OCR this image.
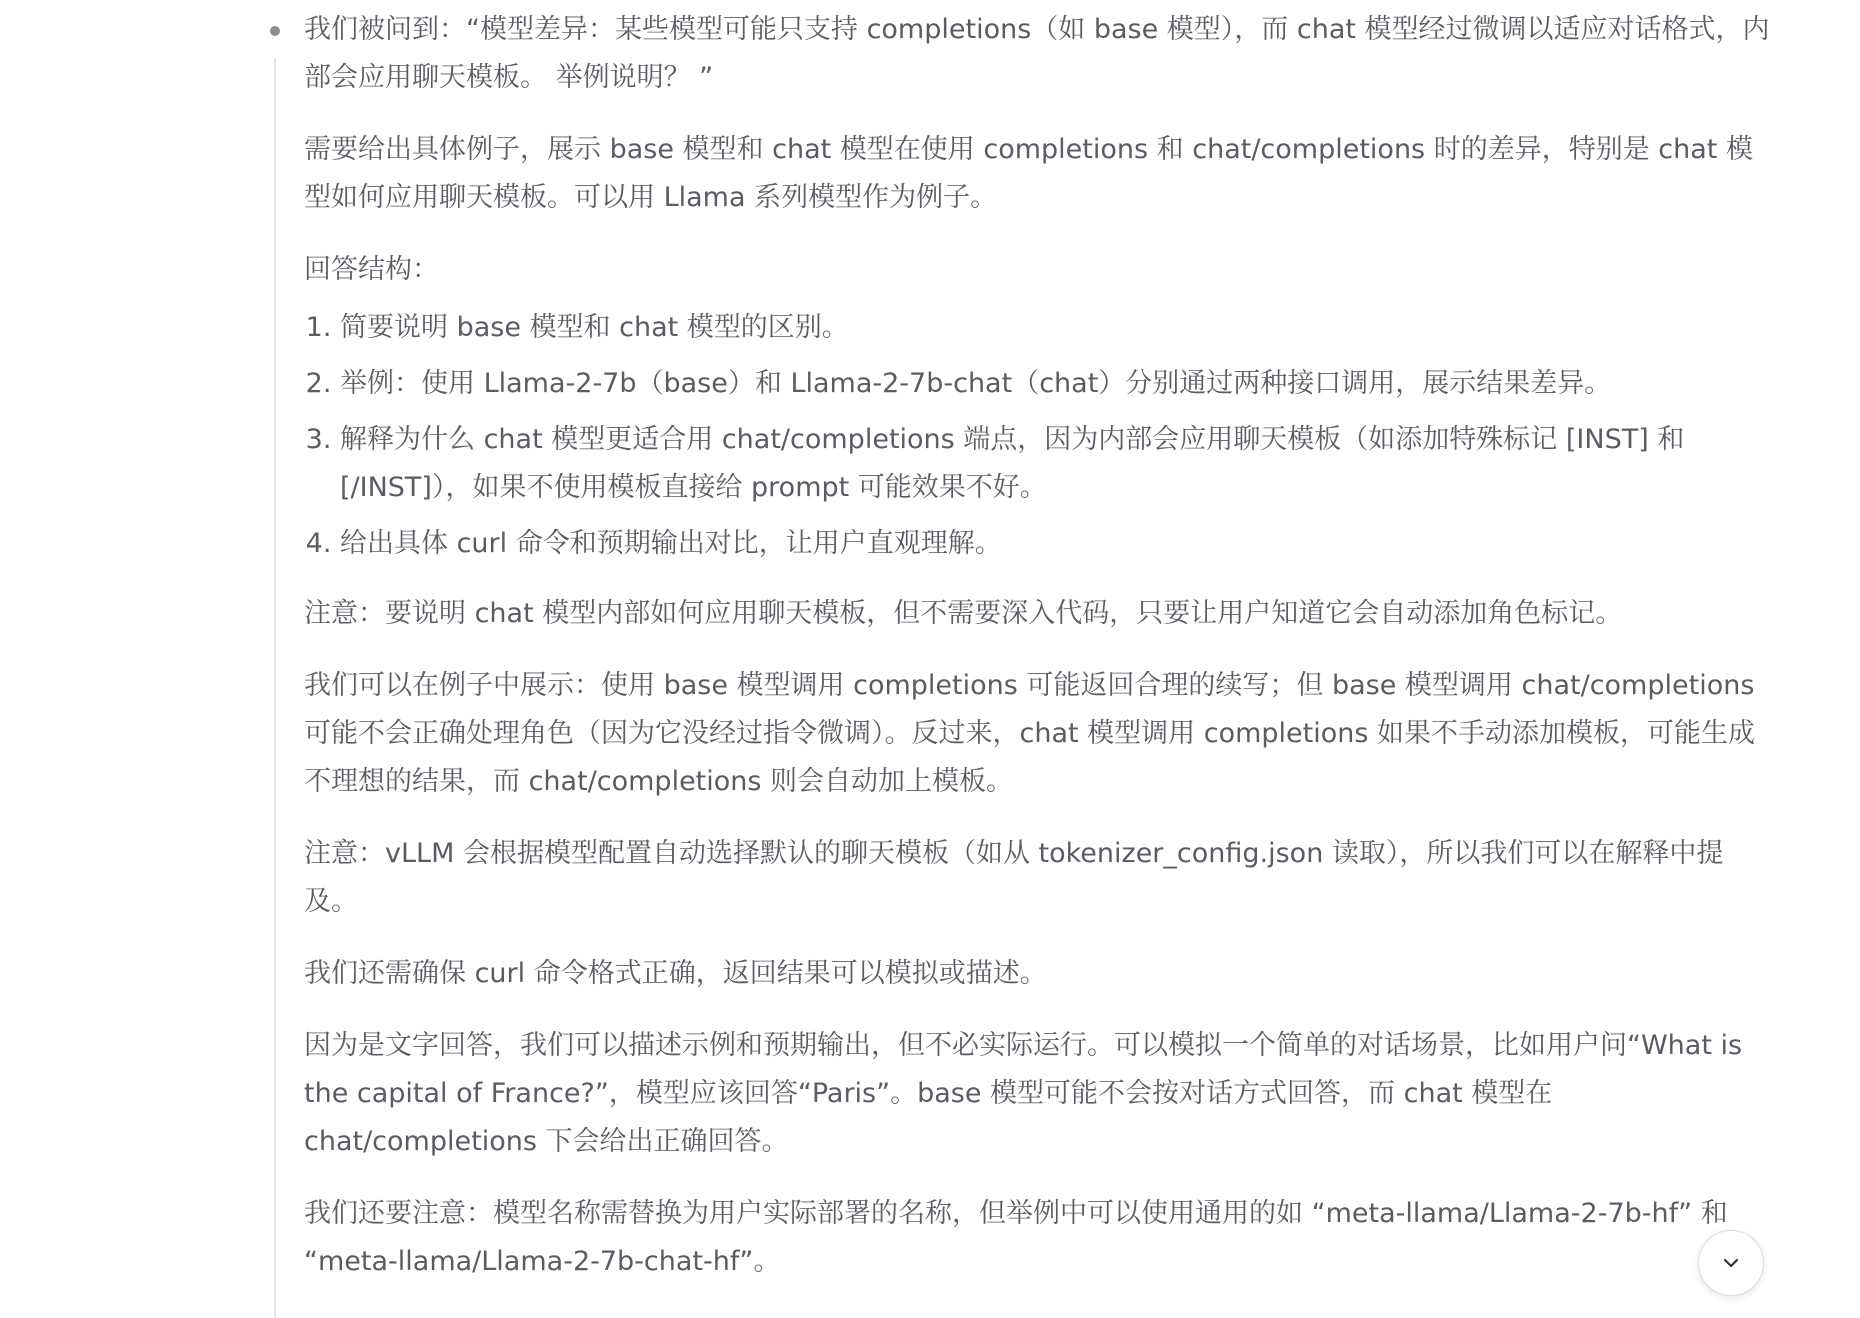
我们被问到：“模型差异：某些模型可能只支持 completions（如 base 模型），而 chat 模型经过微调以适应对话格式，内部会应用聊天模板。 举例说明？ ”

需要给出具体例子，展示 base 模型和 chat 模型在使用 completions 和 chat/completions 时的差异，特别是 chat 模型如何应用聊天模板。可以用 Llama 系列模型作为例子。

回答结构：

1. 简要说明 base 模型和 chat 模型的区别。
2. 举例：使用 Llama-2-7b（base）和 Llama-2-7b-chat（chat）分别通过两种接口调用，展示结果差异。
3. 解释为什么 chat 模型更适合用 chat/completions 端点，因为内部会应用聊天模板（如添加特殊标记 [INST] 和 [/INST]），如果不使用模板直接给 prompt 可能效果不好。
4. 给出具体 curl 命令和预期输出对比，让用户直观理解。

注意：要说明 chat 模型内部如何应用聊天模板，但不需要深入代码，只要让用户知道它会自动添加角色标记。

我们可以在例子中展示：使用 base 模型调用 completions 可能返回合理的续写；但 base 模型调用 chat/completions 可能不会正确处理角色（因为它没经过指令微调）。反过来，chat 模型调用 completions 如果不手动添加模板，可能生成不理想的结果，而 chat/completions 则会自动加上模板。

注意：vLLM 会根据模型配置自动选择默认的聊天模板（如从 tokenizer_config.json 读取），所以我们可以在解释中提及。

我们还需确保 curl 命令格式正确，返回结果可以模拟或描述。

因为是文字回答，我们可以描述示例和预期输出，但不必实际运行。可以模拟一个简单的对话场景，比如用户问“What is the capital of France?”，模型应该回答“Paris”。base 模型可能不会按对话方式回答，而 chat 模型在 chat/completions 下会给出正确回答。

我们还要注意：模型名称需替换为用户实际部署的名称，但举例中可以使用通用的如 “meta-llama/Llama-2-7b-hf” 和 “meta-llama/Llama-2-7b-chat-hf”。
